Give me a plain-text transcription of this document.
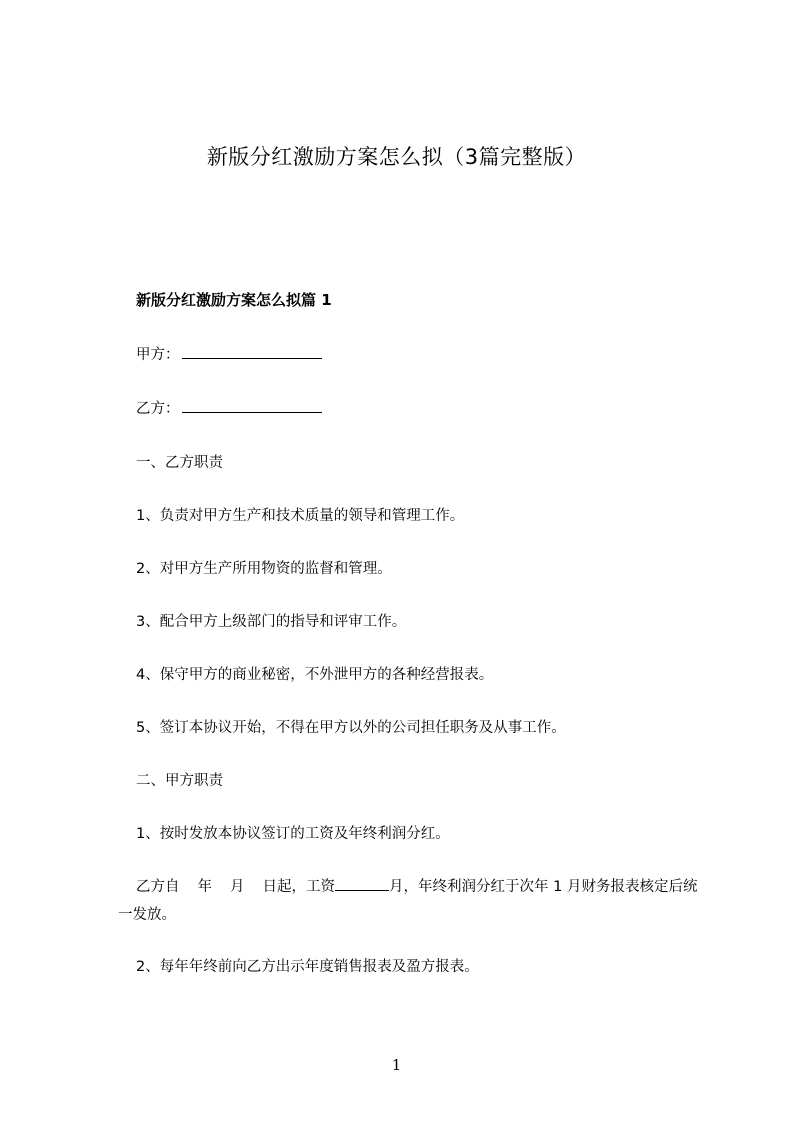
新版分红激励方案怎么拟（3篇完整版）
新版分红激励方案怎么拟篇 1
甲方：
乙方：
一、乙方职责
1、负责对甲方生产和技术质量的领导和管理工作。
2、对甲方生产所用物资的监督和管理。
3、配合甲方上级部门的指导和评审工作。
4、保守甲方的商业秘密，不外泄甲方的各种经营报表。
5、签订本协议开始，不得在甲方以外的公司担任职务及从事工作。
二、甲方职责
1、按时发放本协议签订的工资及年终利润分红。
乙方自 年 月 日起，工资	月，年终利润分红于次年 1 月财务报表核定后统一发放。
2、每年年终前向乙方出示年度销售报表及盈方报表。
1
